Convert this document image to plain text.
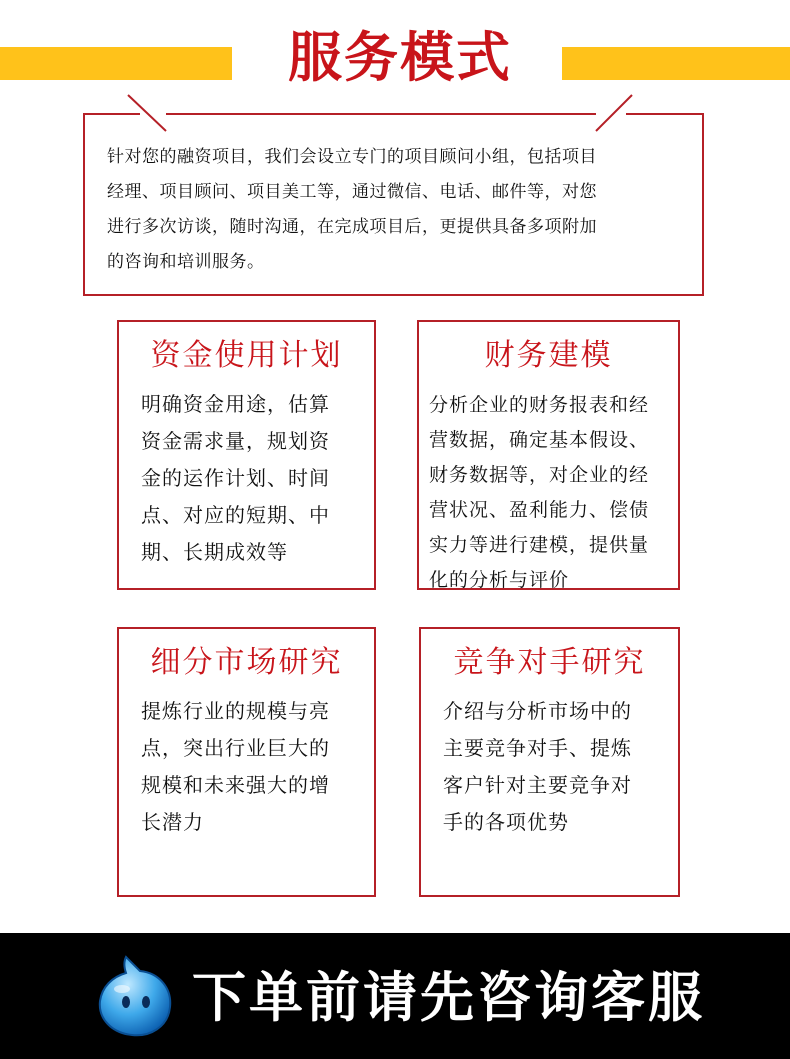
服务模式
针对您的融资项目，我们会设立专门的项目顾问小组，包括项目
经理、项目顾问、项目美工等，通过微信、电话、邮件等，对您
进行多次访谈，随时沟通，在完成项目后，更提供具备多项附加
的咨询和培训服务。
资金使用计划
明确资金用途，估算
资金需求量，规划资
金的运作计划、时间
点、对应的短期、中
期、长期成效等
财务建模
分析企业的财务报表和经
营数据，确定基本假设、
财务数据等，对企业的经
营状况、盈利能力、偿债
实力等进行建模，提供量
化的分析与评价
细分市场研究
提炼行业的规模与亮
点，突出行业巨大的
规模和未来强大的增
长潜力
竞争对手研究
介绍与分析市场中的
主要竞争对手、提炼
客户针对主要竞争对
手的各项优势
下单前请先咨询客服
